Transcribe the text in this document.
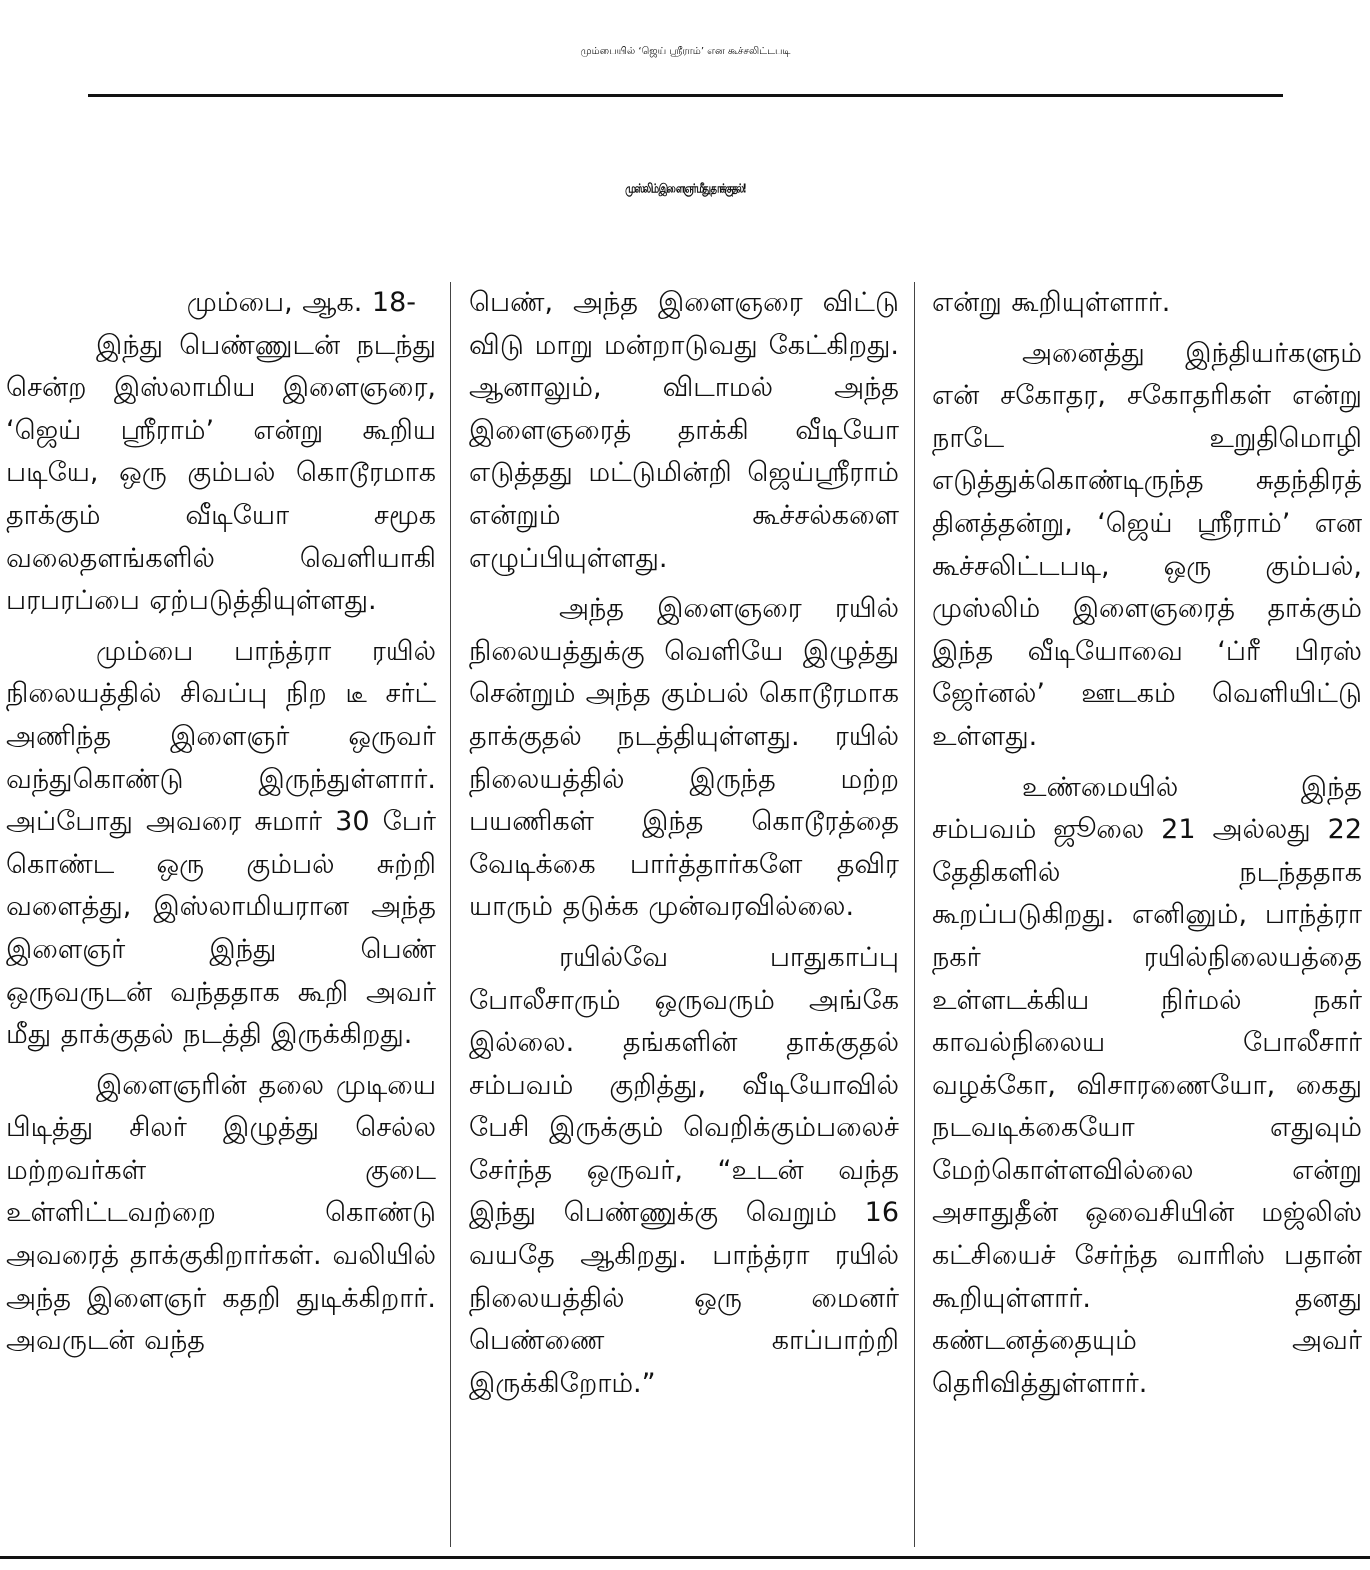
மும்பையில் ‘ஜெய் ஸ்ரீராம்’ என கூச்சலிட்டபடி
முஸ்லிம் இளைஞர் மீது தாக்குதல்!
மும்பை, ஆக. 18-

இந்து பெண்ணுடன் நடந்து சென்ற இஸ்லாமிய இளைஞரை, ‘ஜெய் ஸ்ரீராம்’ என்று கூறிய படியே, ஒரு கும்பல் கொடூரமாக தாக்கும் வீடியோ சமூக வலைதளங்களில் வெளியாகி பரபரப்பை ஏற்படுத்தியுள்ளது.

மும்பை பாந்த்ரா ரயில் நிலையத்தில் சிவப்பு நிற டீ சர்ட் அணிந்த இளைஞர் ஒருவர் வந்துகொண்டு இருந்துள்ளார். அப்போது அவரை சுமார் 30 பேர் கொண்ட ஒரு கும்பல் சுற்றி வளைத்து, இஸ்லாமியரான அந்த இளைஞர் இந்து பெண் ஒருவருடன் வந்ததாக கூறி அவர் மீது தாக்குதல் நடத்தி இருக்கிறது.

இளைஞரின் தலை முடியை பிடித்து சிலர் இழுத்து செல்ல மற்றவர்கள் குடை உள்ளிட்டவற்றை கொண்டு அவரைத் தாக்குகிறார்கள். வலியில் அந்த இளைஞர் கதறி துடிக்கிறார். அவருடன் வந்த

பெண், அந்த இளைஞரை விட்டு விடு மாறு மன்றாடுவது கேட்கிறது. ஆனாலும், விடாமல் அந்த இளைஞரைத் தாக்கி வீடியோ எடுத்தது மட்டுமின்றி ஜெய்ஸ்ரீராம் என்றும் கூச்சல்களை எழுப்பியுள்ளது.

அந்த இளைஞரை ரயில் நிலையத்துக்கு வெளியே இழுத்து சென்றும் அந்த கும்பல் கொடூரமாக தாக்குதல் நடத்தியுள்ளது. ரயில் நிலையத்தில் இருந்த மற்ற பயணிகள் இந்த கொடூரத்தை வேடிக்கை பார்த்தார்களே தவிர யாரும் தடுக்க முன்வரவில்லை.

ரயில்வே பாதுகாப்பு போலீசாரும் ஒருவரும் அங்கே இல்லை. தங்களின் தாக்குதல் சம்பவம் குறித்து, வீடியோவில் பேசி இருக்கும் வெறிக்கும்பலைச் சேர்ந்த ஒருவர், “உடன் வந்த இந்து பெண்ணுக்கு வெறும் 16 வயதே ஆகிறது. பாந்த்ரா ரயில் நிலையத்தில் ஒரு மைனர் பெண்ணை காப்பாற்றி இருக்கிறோம்.”

என்று கூறியுள்ளார்.

அனைத்து இந்தியர்களும் என் சகோதர, சகோதரிகள் என்று நாடே உறுதிமொழி எடுத்துக்கொண்டிருந்த சுதந்திரத் தினத்தன்று, ‘ஜெய் ஸ்ரீராம்’ என கூச்சலிட்டபடி, ஒரு கும்பல், முஸ்லிம் இளைஞரைத் தாக்கும் இந்த வீடியோவை ‘ப்ரீ பிரஸ் ஜேர்னல்’ ஊடகம் வெளியிட்டு உள்ளது.

உண்மையில் இந்த சம்பவம் ஜூலை 21 அல்லது 22 தேதிகளில் நடந்ததாக கூறப்படுகிறது. எனினும், பாந்த்ரா நகர் ரயில்நிலையத்தை உள்ளடக்கிய நிர்மல் நகர் காவல்நிலைய போலீசார் வழக்கோ, விசாரணையோ, கைது நடவடிக்கையோ எதுவும் மேற்கொள்ளவில்லை என்று அசாதுதீன் ஒவைசியின் மஜ்லிஸ் கட்சியைச் சேர்ந்த வாரிஸ் பதான் கூறியுள்ளார். தனது கண்டனத்தையும் அவர் தெரிவித்துள்ளார்.
